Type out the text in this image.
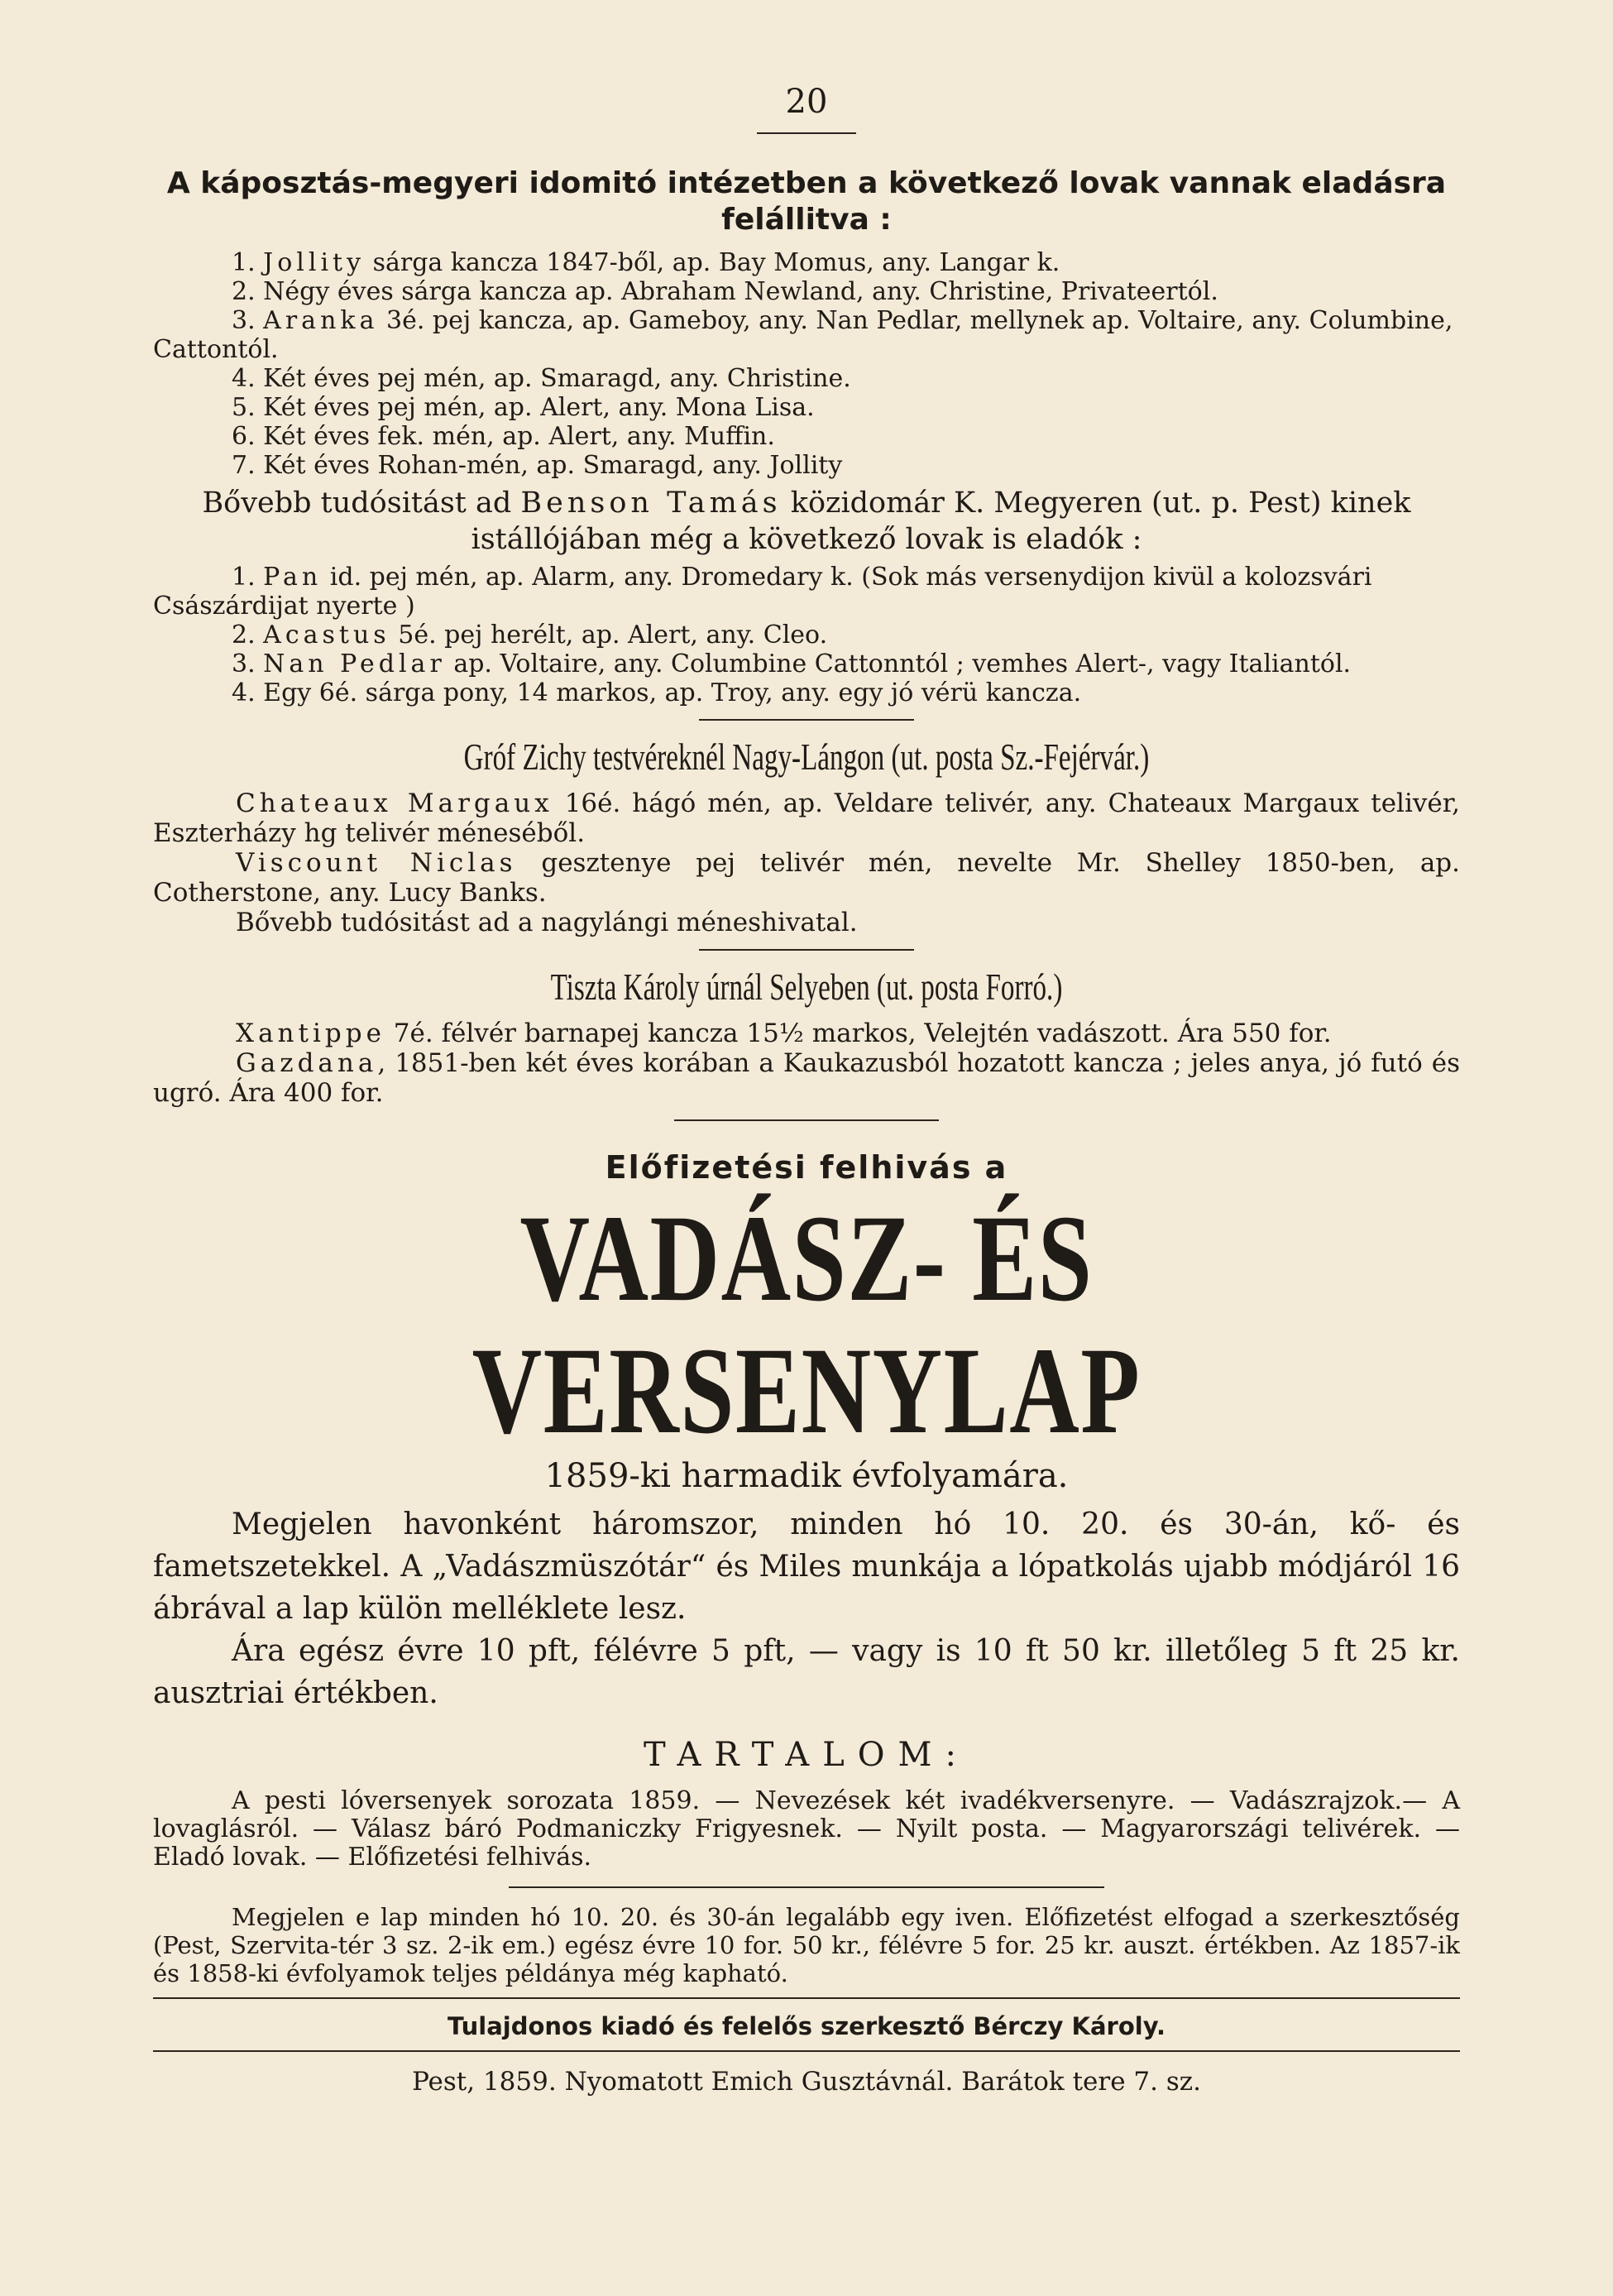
20

A káposztás-megyeri idomitó intézetben a következő lovak vannak eladásra felállitva :

1. Jollity sárga kancza 1847-ből, ap. Bay Momus, any. Langar k.

2. Négy éves sárga kancza ap. Abraham Newland, any. Christine, Privateertól.

3. Aranka 3é. pej kancza, ap. Gameboy, any. Nan Pedlar, mellynek ap. Voltaire, any. Columbine, Cattontól.

4. Két éves pej mén, ap. Smaragd, any. Christine.

5. Két éves pej mén, ap. Alert, any. Mona Lisa.

6. Két éves fek. mén, ap. Alert, any. Muffin.

7. Két éves Rohan-mén, ap. Smaragd, any. Jollity

Bővebb tudósitást ad Benson Tamás közidomár K. Megyeren (ut. p. Pest) kinek istállójában még a következő lovak is eladók :

1. Pan id. pej mén, ap. Alarm, any. Dromedary k. (Sok más versenydijon kivül a kolozsvári Császárdijat nyerte )

2. Acastus 5é. pej herélt, ap. Alert, any. Cleo.

3. Nan Pedlar ap. Voltaire, any. Columbine Cattonntól ; vemhes Alert-, vagy Italiantól.

4. Egy 6é. sárga pony, 14 markos, ap. Troy, any. egy jó vérü kancza.

Gróf Zichy testvéreknél Nagy-Lángon (ut. posta Sz.-Fejérvár.)

Chateaux Margaux 16é. hágó mén, ap. Veldare telivér, any. Chateaux Margaux telivér, Eszterházy hg telivér méneséből.

Viscount Niclas gesztenye pej telivér mén, nevelte Mr. Shelley 1850-ben, ap. Cotherstone, any. Lucy Banks.

Bővebb tudósitást ad a nagylángi méneshivatal.

Tiszta Károly úrnál Selyeben (ut. posta Forró.)

Xantippe 7é. félvér barnapej kancza 15½ markos, Velejtén vadászott. Ára 550 for.

Gazdana, 1851-ben két éves korában a Kaukazusból hozatott kancza ; jeles anya, jó futó és ugró. Ára 400 for.

Előfizetési felhivás a

VADÁSZ- ÉS VERSENYLAP

1859-ki harmadik évfolyamára.

Megjelen havonként háromszor, minden hó 10. 20. és 30-án, kő- és fametszetekkel. A „Vadászmüszótár“ és Miles munkája a lópatkolás ujabb módjáról 16 ábrával a lap külön melléklete lesz.

Ára egész évre 10 pft, félévre 5 pft, — vagy is 10 ft 50 kr. illetőleg 5 ft 25 kr. ausztriai értékben.

TARTALOM:

A pesti lóversenyek sorozata 1859. — Nevezések két ivadékversenyre. — Vadászrajzok.— A lovaglásról. — Válasz báró Podmaniczky Frigyesnek. — Nyilt posta. — Magyarországi telivérek. — Eladó lovak. — Előfizetési felhivás.

Megjelen e lap minden hó 10. 20. és 30-án legalább egy iven. Előfizetést elfogad a szerkesztőség (Pest, Szervita-tér 3 sz. 2-ik em.) egész évre 10 for. 50 kr., félévre 5 for. 25 kr. auszt. értékben. Az 1857-ik és 1858-ki évfolyamok teljes példánya még kapható.

Tulajdonos kiadó és felelős szerkesztő Bérczy Károly.

Pest, 1859. Nyomatott Emich Gusztávnál. Barátok tere 7. sz.
